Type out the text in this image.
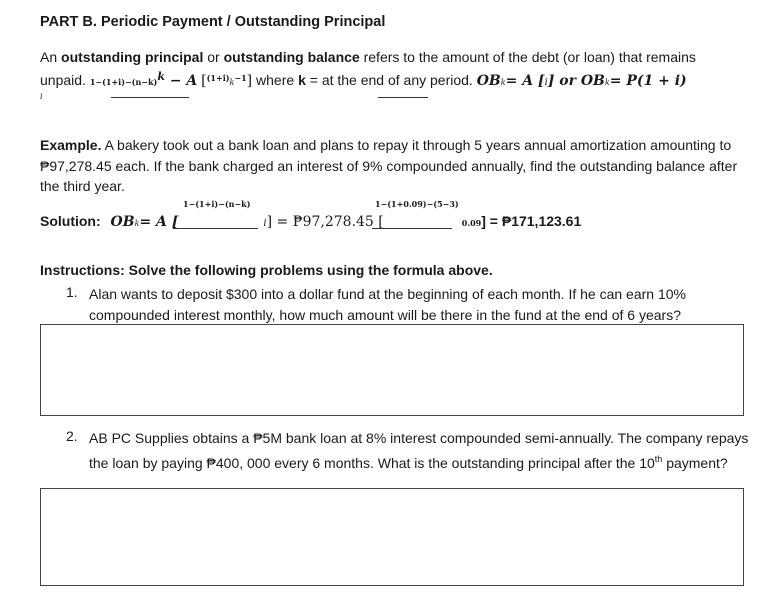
PART B. Periodic Payment / Outstanding Principal
An outstanding principal or outstanding balance refers to the amount of the debt (or loan) that remains
unpaid. $1-(1+i)-(n-k)^k - A$ $[^{(1+i)}k^{-1}]$ where k = at the end of any period. OBk= A [i] or OBk= P(1 + i)
i
Example. A bakery took out a bank loan and plans to repay it through 5 years annual amortization amounting to ₱97,278.45 each. If the bank charged an interest of 9% compounded annually, find the outstanding balance after the third year.
1−(1+i)−(n−k)	1−(1+0.09)−(5−3)
Solution: OBk= A [	i] = ₱97,278.45 [	0.09] = ₱171,123.61
Instructions: Solve the following problems using the formula above.
1. Alan wants to deposit $300 into a dollar fund at the beginning of each month. If he can earn 10% compounded interest monthly, how much amount will be there in the fund at the end of 6 years?
2. AB PC Supplies obtains a ₱5M bank loan at 8% interest compounded semi-annually. The company repays the loan by paying ₱400, 000 every 6 months. What is the outstanding principal after the 10th payment?
